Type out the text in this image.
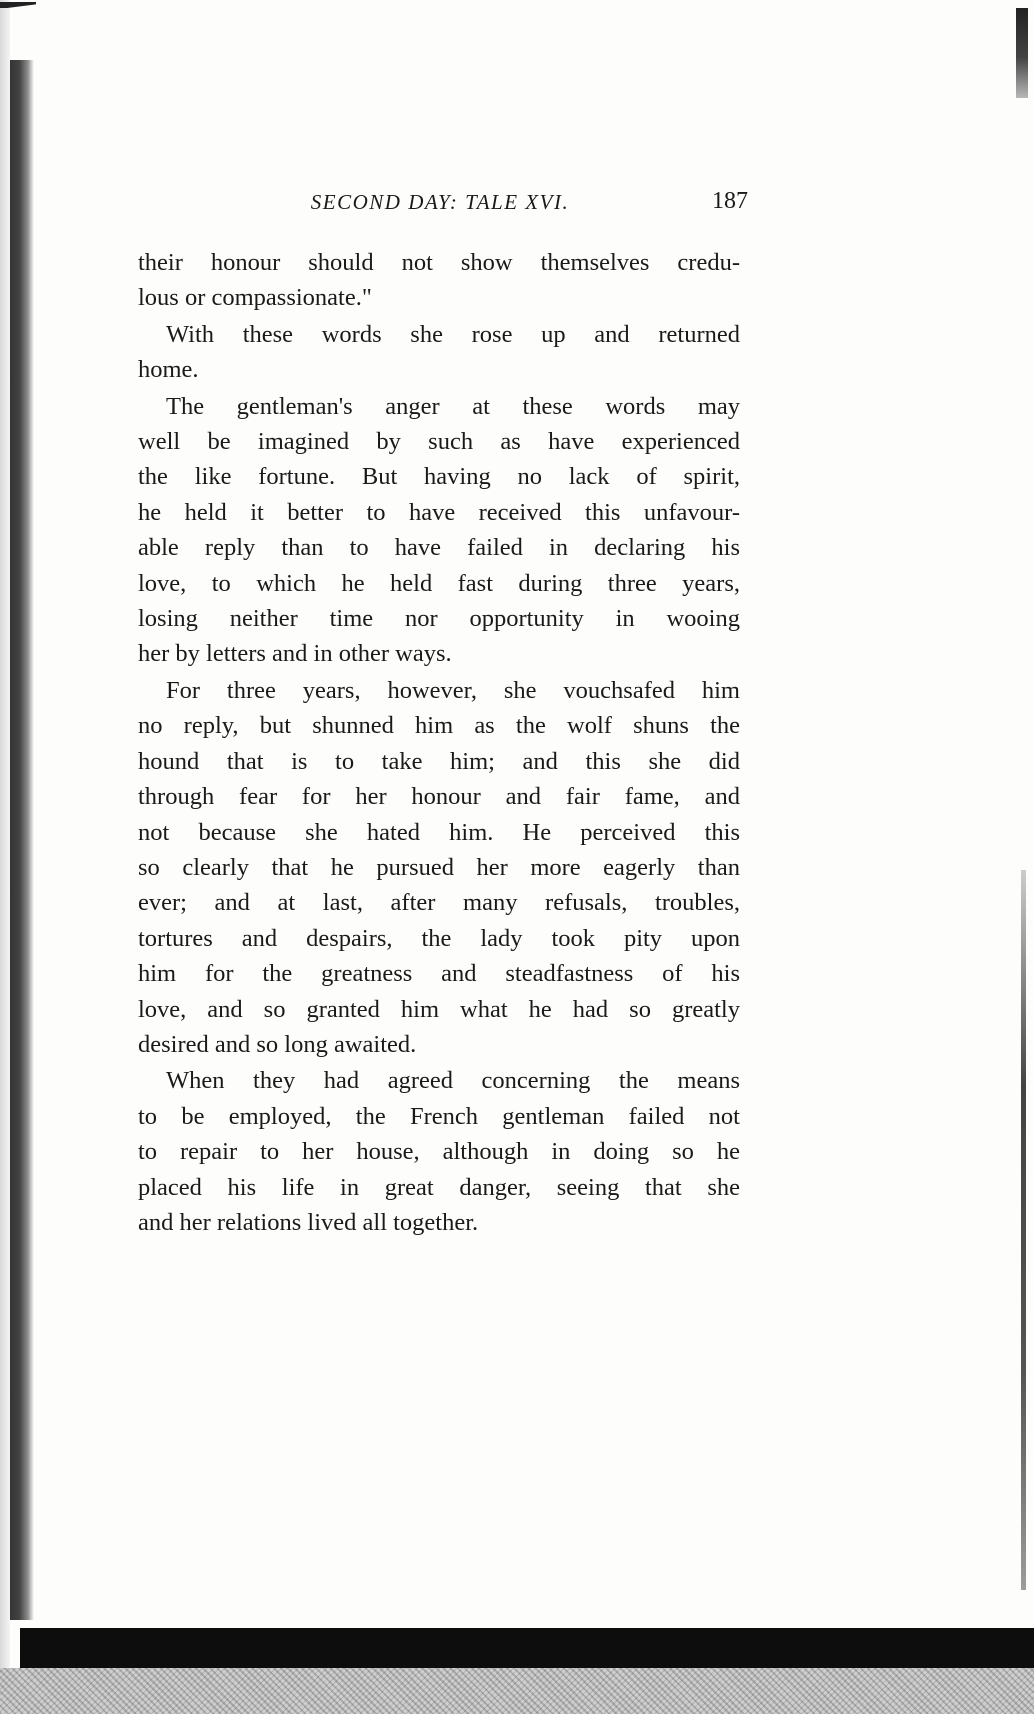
SECOND DAY: TALE XVI.	187

their honour should not show themselves credu-
lous or compassionate."

With these words she rose up and returned
home.

The gentleman's anger at these words may
well be imagined by such as have experienced
the like fortune. But having no lack of spirit,
he held it better to have received this unfavour-
able reply than to have failed in declaring his
love, to which he held fast during three years,
losing neither time nor opportunity in wooing
her by letters and in other ways.

For three years, however, she vouchsafed him
no reply, but shunned him as the wolf shuns the
hound that is to take him; and this she did
through fear for her honour and fair fame, and
not because she hated him. He perceived this
so clearly that he pursued her more eagerly than
ever; and at last, after many refusals, troubles,
tortures and despairs, the lady took pity upon
him for the greatness and steadfastness of his
love, and so granted him what he had so greatly
desired and so long awaited.

When they had agreed concerning the means
to be employed, the French gentleman failed not
to repair to her house, although in doing so he
placed his life in great danger, seeing that she
and her relations lived all together.
